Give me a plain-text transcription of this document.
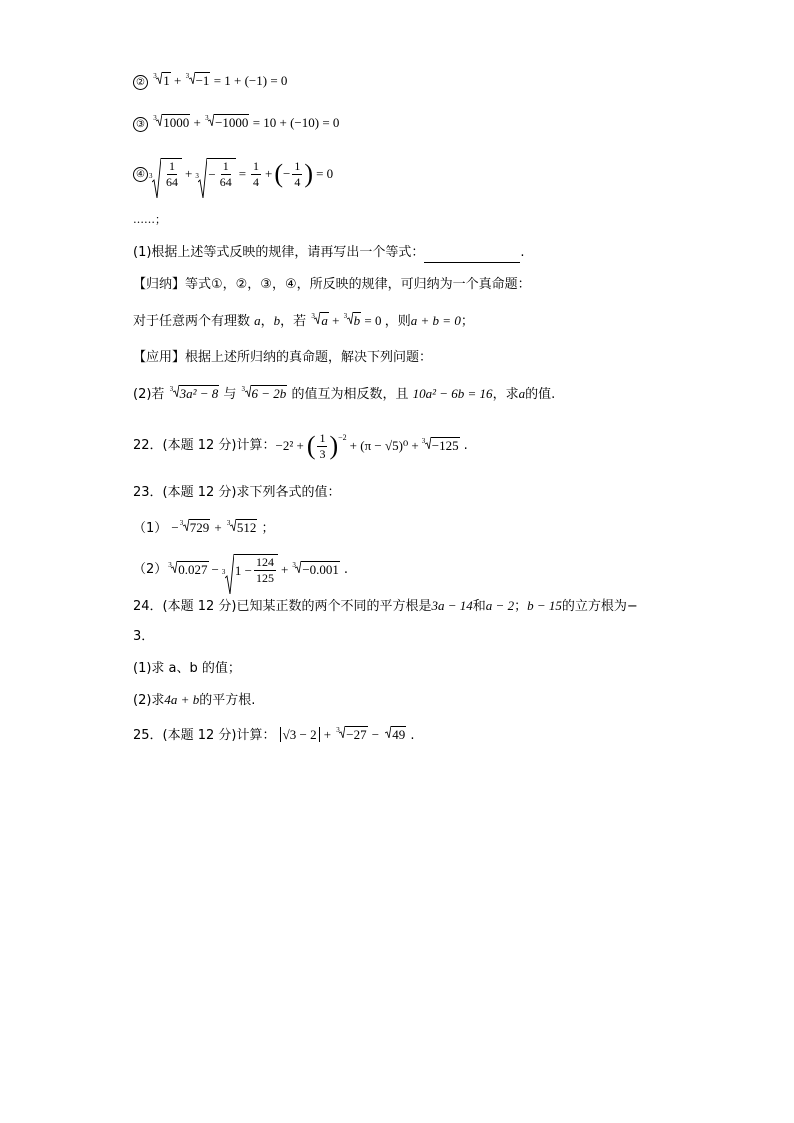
②
3 1 + 3 −1 = 1 + (−1) = 0
③
3 1000 + 3 −1000 = 10 + (−10) = 0
④ $3 \frac{1}{64} + 3 - \frac{1}{64} = \frac{1}{4}$ + ( − $\frac{1}{4}$ ) = 0
……；
(1)根据上述等式反映的规律，请再写出一个等式：	.
【归纳】等式①，②，③，④，所反映的规律，可归纳为一个真命题：
对于任意两个有理数 a，b，若 3 a + 3 b = 0 ，则a + b = 0；
【应用】根据上述所归纳的真命题，解决下列问题：
(2)若 3 3a² − 8 与 3 6 − 2b 的值互为相反数，且 10a² − 6b = 16，求a的值.
22．(本题 12 分)计算： −2² + ( $\frac{1}{3} )^{-2}$
+ (π − √5)⁰ + 3 −125 .
23．(本题 12 分)求下列各式的值：
（1） − 3 729 + 3 512 ；
（2） 3 0.027 − 3 $1 - \frac{124}{125} + 3 -0.001$ .
24．(本题 12 分)已知某正数的两个不同的平方根是3a − 14和a − 2；b − 15的立方根为−
3．
(1)求 a、b 的值；
(2)求4a + b的平方根.
25．(本题 12 分)计算： √3 − 2 + 3 −27 − 49 .
